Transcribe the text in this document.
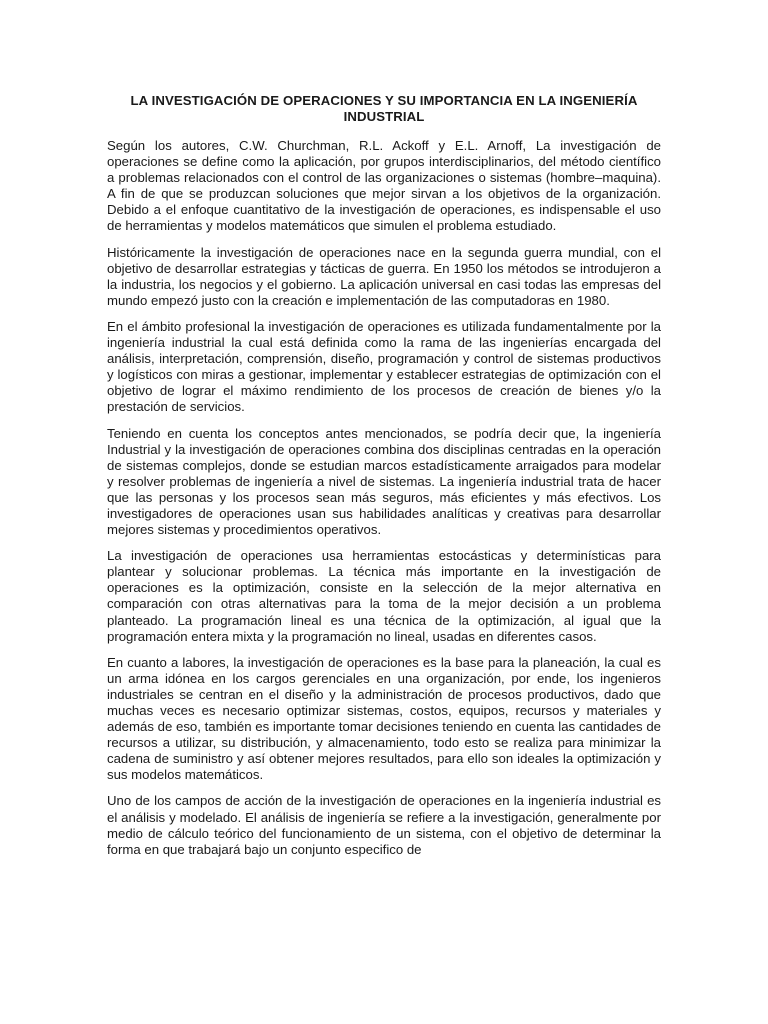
LA INVESTIGACIÓN DE OPERACIONES Y SU IMPORTANCIA EN LA INGENIERÍA INDUSTRIAL

Según los autores, C.W. Churchman, R.L. Ackoff y E.L. Arnoff, La investigación de operaciones se define como la aplicación, por grupos interdisciplinarios, del método científico a problemas relacionados con el control de las organizaciones o sistemas (hombre–maquina). A fin de que se produzcan soluciones que mejor sirvan a los objetivos de la organización. Debido a el enfoque cuantitativo de la investigación de operaciones, es indispensable el uso de herramientas y modelos matemáticos que simulen el problema estudiado.

Históricamente la investigación de operaciones nace en la segunda guerra mundial, con el objetivo de desarrollar estrategias y tácticas de guerra. En 1950 los métodos se introdujeron a la industria, los negocios y el gobierno. La aplicación universal en casi todas las empresas del mundo empezó justo con la creación e implementación de las computadoras en 1980.

En el ámbito profesional la investigación de operaciones es utilizada fundamentalmente por la ingeniería industrial la cual está definida como la rama de las ingenierías encargada del análisis, interpretación, comprensión, diseño, programación y control de sistemas productivos y logísticos con miras a gestionar, implementar y establecer estrategias de optimización con el objetivo de lograr el máximo rendimiento de los procesos de creación de bienes y/o la prestación de servicios.

Teniendo en cuenta los conceptos antes mencionados, se podría decir que, la ingeniería Industrial y la investigación de operaciones combina dos disciplinas centradas en la operación de sistemas complejos, donde se estudian marcos estadísticamente arraigados para modelar y resolver problemas de ingeniería a nivel de sistemas. La ingeniería industrial trata de hacer que las personas y los procesos sean más seguros, más eficientes y más efectivos. Los investigadores de operaciones usan sus habilidades analíticas y creativas para desarrollar mejores sistemas y procedimientos operativos.

La investigación de operaciones usa herramientas estocásticas y determinísticas para plantear y solucionar problemas. La técnica más importante en la investigación de operaciones es la optimización, consiste en la selección de la mejor alternativa en comparación con otras alternativas para la toma de la mejor decisión a un problema planteado. La programación lineal es una técnica de la optimización, al igual que la programación entera mixta y la programación no lineal, usadas en diferentes casos.

En cuanto a labores, la investigación de operaciones es la base para la planeación, la cual es un arma idónea en los cargos gerenciales en una organización, por ende, los ingenieros industriales se centran en el diseño y la administración de procesos productivos, dado que muchas veces es necesario optimizar sistemas, costos, equipos, recursos y materiales y además de eso, también es importante tomar decisiones teniendo en cuenta las cantidades de recursos a utilizar, su distribución, y almacenamiento, todo esto se realiza para minimizar la cadena de suministro y así obtener mejores resultados, para ello son ideales la optimización y sus modelos matemáticos.

Uno de los campos de acción de la investigación de operaciones en la ingeniería industrial es el análisis y modelado. El análisis de ingeniería se refiere a la investigación, generalmente por medio de cálculo teórico del funcionamiento de un sistema, con el objetivo de determinar la forma en que trabajará bajo un conjunto especifico de
